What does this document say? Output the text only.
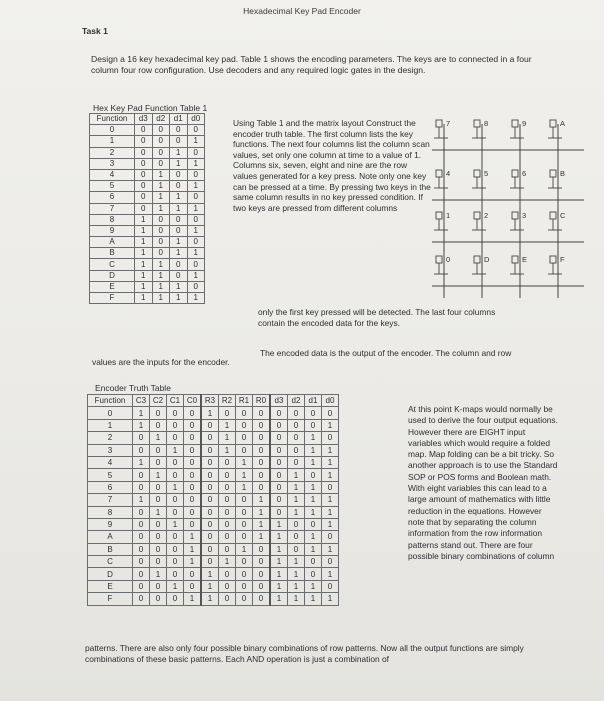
Hexadecimal Key Pad Encoder
Task 1
Design a 16 key hexadecimal key pad. Table 1 shows the encoding parameters. The keys are to connected in a four column four row configuration. Use decoders and any required logic gates in the design.
Hex Key Pad Function Table 1
Function	d3	d2	d1	d0
0	0	0	0	0
1	0	0	0	1
2	0	0	1	0
3	0	0	1	1
4	0	1	0	0
5	0	1	0	1
6	0	1	1	0
7	0	1	1	1
8	1	0	0	0
9	1	0	0	1
A	1	0	1	0
B	1	0	1	1
C	1	1	0	0
D	1	1	0	1
E	1	1	1	0
F	1	1	1	1
Using Table 1 and the matrix layout Construct the encoder truth table. The first column lists the key functions. The next four columns list the column scan values, set only one column at time to a value of 1. Columns six, seven, eight and nine are the row values generated for a key press. Note only one key can be pressed at a time. By pressing two keys in the same column results in no key pressed condition. If two keys are pressed from different columns
only the first key pressed will be detected. The last four columns
contain the encoded data for the keys.
The encoded data is the output of the encoder. The column and row
values are the inputs for the encoder.
7	8	9	A
4	5	6	B
1	2	3	C
0	D	E	F
Encoder Truth Table
Function	C3	C2	C1	C0	R3	R2	R1	R0	d3	d2	d1	d0
0	1	0	0	0	1	0	0	0	0	0	0	0
1	1	0	0	0	0	1	0	0	0	0	0	1
2	0	1	0	0	0	1	0	0	0	0	1	0
3	0	0	1	0	0	1	0	0	0	0	1	1
4	1	0	0	0	0	0	1	0	0	0	1	1
5	0	1	0	0	0	0	1	0	0	1	0	1
6	0	0	1	0	0	0	1	0	0	1	1	0
7	1	0	0	0	0	0	0	1	0	1	1	1
8	0	1	0	0	0	0	0	1	0	1	1	1
9	0	0	1	0	0	0	0	1	1	0	0	1
A	0	0	0	1	0	0	0	1	1	0	1	0
B	0	0	0	1	0	0	1	0	1	0	1	1
C	0	0	0	1	0	1	0	0	1	1	0	0
D	0	1	0	0	1	0	0	0	1	1	0	1
E	0	0	1	0	1	0	0	0	1	1	1	0
F	0	0	0	1	1	0	0	0	1	1	1	1
At this point K-maps would normally be used to derive the four output equations. However there are EIGHT input variables which would require a folded map. Map folding can be a bit tricky. So another approach is to use the Standard SOP or POS forms and Boolean math. With eight variables this can lead to a large amount of mathematics with little reduction in the equations. However note that by separating the column information from the row information patterns stand out. There are four possible binary combinations of column
patterns. There are also only four possible binary combinations of row patterns. Now all the output functions are simply combinations of these basic patterns. Each AND operation is just a combination of
